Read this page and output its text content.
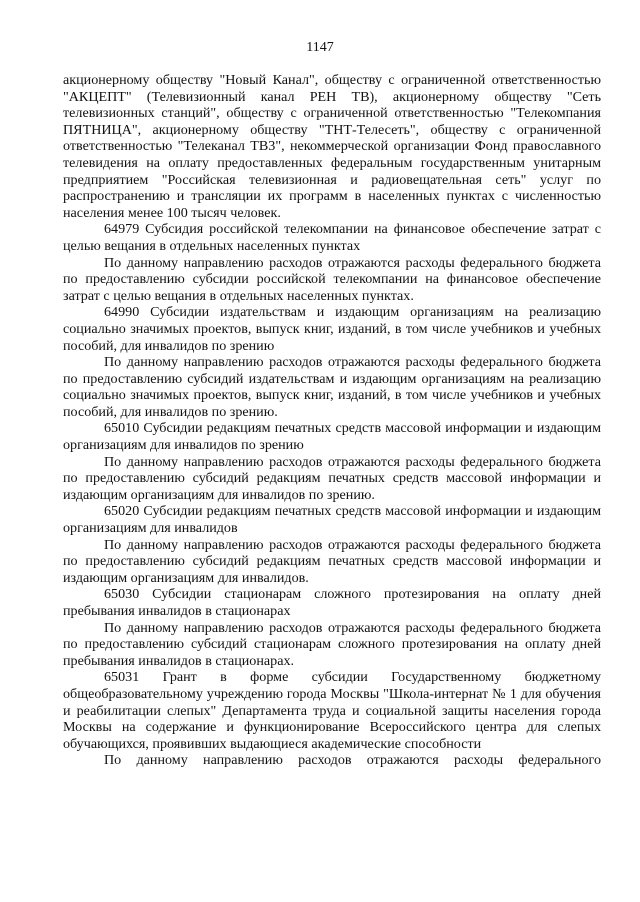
1147

акционерному обществу "Новый Канал", обществу с ограниченной ответственностью "АКЦЕПТ" (Телевизионный канал РЕН ТВ), акционерному обществу "Сеть телевизионных станций", обществу с ограниченной ответственностью "Телекомпания ПЯТНИЦА", акционерному обществу "ТНТ-Телесеть", обществу с ограниченной ответственностью "Телеканал ТВ3", некоммерческой организации Фонд православного телевидения на оплату предоставленных федеральным государственным унитарным предприятием "Российская телевизионная и радиовещательная сеть" услуг по распространению и трансляции их программ в населенных пунктах с численностью населения менее 100 тысяч человек.

64979 Субсидия российской телекомпании на финансовое обеспечение затрат с целью вещания в отдельных населенных пунктах

По данному направлению расходов отражаются расходы федерального бюджета по предоставлению субсидии российской телекомпании на финансовое обеспечение затрат с целью вещания в отдельных населенных пунктах.

64990 Субсидии издательствам и издающим организациям на реализацию социально значимых проектов, выпуск книг, изданий, в том числе учебников и учебных пособий, для инвалидов по зрению

По данному направлению расходов отражаются расходы федерального бюджета по предоставлению субсидий издательствам и издающим организациям на реализацию социально значимых проектов, выпуск книг, изданий, в том числе учебников и учебных пособий, для инвалидов по зрению.

65010 Субсидии редакциям печатных средств массовой информации и издающим организациям для инвалидов по зрению

По данному направлению расходов отражаются расходы федерального бюджета по предоставлению субсидий редакциям печатных средств массовой информации и издающим организациям для инвалидов по зрению.

65020 Субсидии редакциям печатных средств массовой информации и издающим организациям для инвалидов

По данному направлению расходов отражаются расходы федерального бюджета по предоставлению субсидий редакциям печатных средств массовой информации и издающим организациям для инвалидов.

65030 Субсидии стационарам сложного протезирования на оплату дней пребывания инвалидов в стационарах

По данному направлению расходов отражаются расходы федерального бюджета по предоставлению субсидий стационарам сложного протезирования на оплату дней пребывания инвалидов в стационарах.

65031 Грант в форме субсидии Государственному бюджетному общеобразовательному учреждению города Москвы "Школа-интернат № 1 для обучения и реабилитации слепых" Департамента труда и социальной защиты населения города Москвы на содержание и функционирование Всероссийского центра для слепых обучающихся, проявивших выдающиеся академические способности

По данному направлению расходов отражаются расходы федерального
